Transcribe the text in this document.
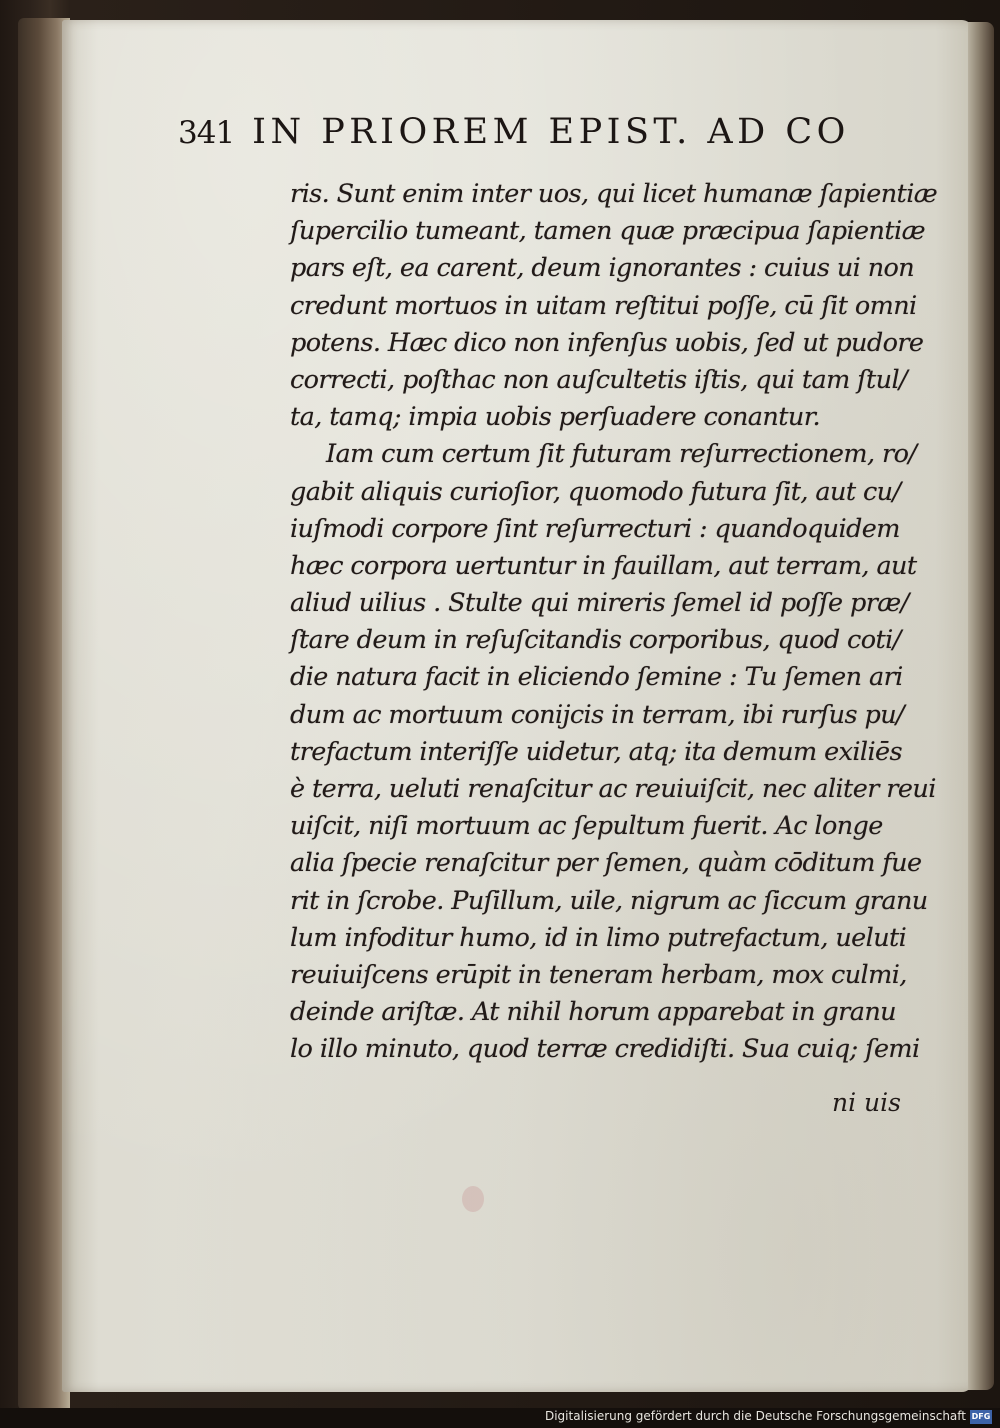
341 IN PRIOREM EPIST. AD CO
ris. Sunt enim inter uos, qui licet humanæ ſapientiæ
ſupercilio tumeant, tamen quæ præcipua ſapientiæ
pars eſt, ea carent, deum ignorantes : cuius ui non
credunt mortuos in uitam reſtitui poſſe, cū ſit omni
potens. Hæc dico non infenſus uobis, ſed ut pudore
correcti, poſthac non auſcultetis iſtis, qui tam ſtul/
ta, tamq; impia uobis perſuadere conantur.
Iam cum certum ſit futuram reſurrectionem, ro/
gabit aliquis curioſior, quomodo futura ſit, aut cu/
iuſmodi corpore ſint reſurrecturi : quandoquidem
hæc corpora uertuntur in fauillam, aut terram, aut
aliud uilius . Stulte qui mireris ſemel id poſſe præ/
ſtare deum in reſuſcitandis corporibus, quod coti/
die natura facit in eliciendo ſemine : Tu ſemen ari
dum ac mortuum conijcis in terram, ibi rurſus pu/
trefactum interiſſe uidetur, atq; ita demum exiliēs
è terra, ueluti renaſcitur ac reuiuiſcit, nec aliter reui
uiſcit, niſi mortuum ac ſepultum fuerit. Ac longe
alia ſpecie renaſcitur per ſemen, quàm cōditum fue
rit in ſcrobe. Puſillum, uile, nigrum ac ſiccum granu
lum infoditur humo, id in limo putrefactum, ueluti
reuiuiſcens erūpit in teneram herbam, mox culmi,
deinde ariſtæ. At nihil horum apparebat in granu
lo illo minuto, quod terræ credidiſti. Sua cuiq; ſemi
ni uis
Digitalisierung gefördert durch die Deutsche Forschungsgemeinschaft DFG
